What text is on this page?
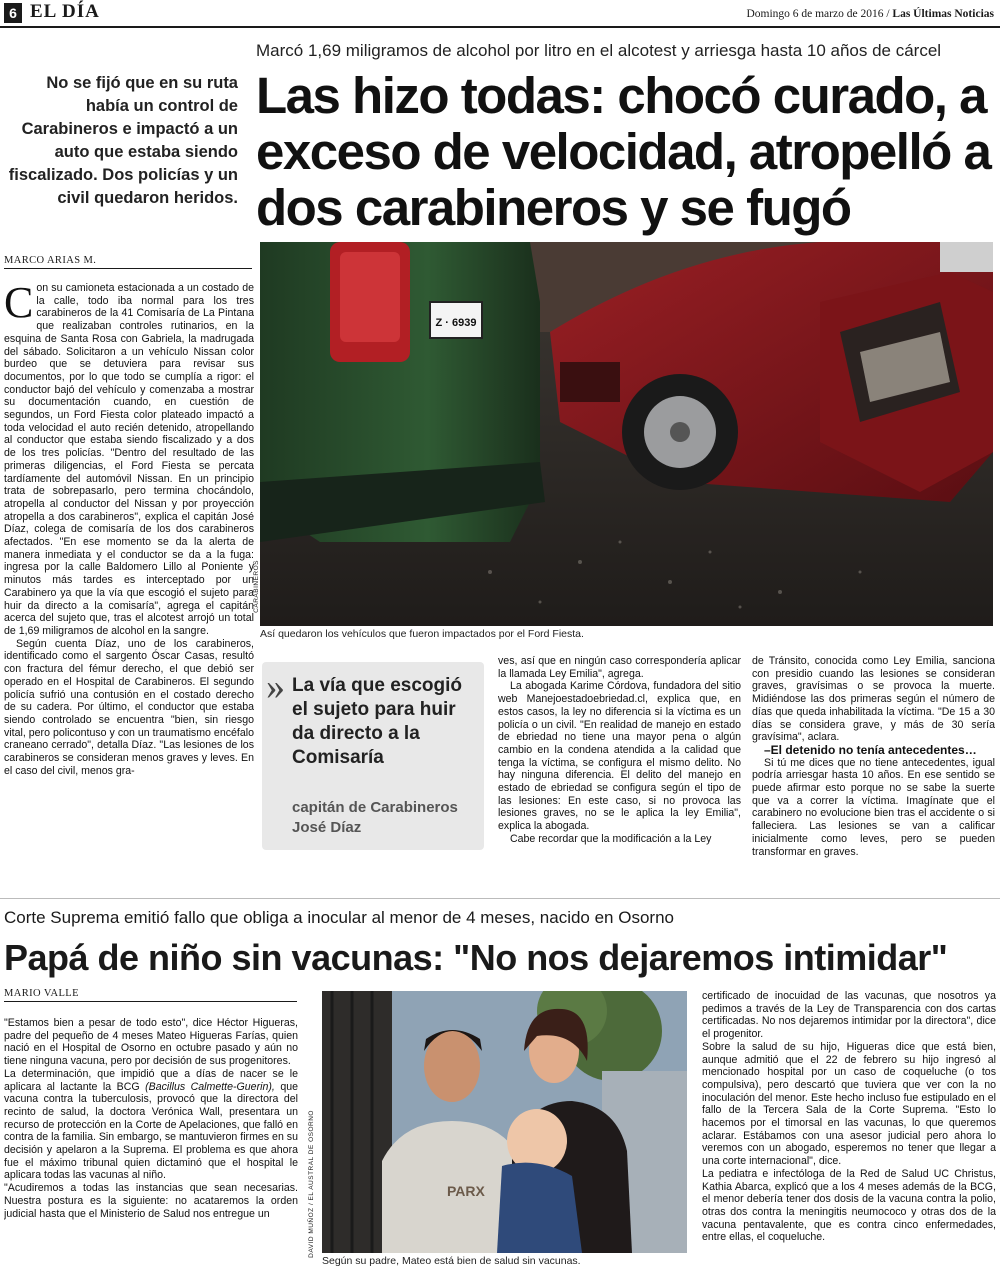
6 EL DÍA	Domingo 6 de marzo de 2016 / Las Últimas Noticias
Marcó 1,69 miligramos de alcohol por litro en el alcotest y arriesga hasta 10 años de cárcel
Las hizo todas: chocó curado, a exceso de velocidad, atropelló a dos carabineros y se fugó
No se fijó que en su ruta había un control de Carabineros e impactó a un auto que estaba siendo fiscalizado. Dos policías y un civil quedaron heridos.
MARCO ARIAS M.
C on su camioneta estacionada a un costado de la calle, todo iba normal para los tres carabineros de la 41 Comisaría de La Pintana que realizaban controles rutinarios, en la esquina de Santa Rosa con Gabriela, la madrugada del sábado. Solicitaron a un vehículo Nissan color burdeo que se detuviera para revisar sus documentos, por lo que todo se cumplía a rigor: el conductor bajó del vehículo y comenzaba a mostrar su documentación cuando, en cuestión de segundos, un Ford Fiesta color plateado impactó a toda velocidad el auto recién detenido, atropellando al conductor que estaba siendo fiscalizado y a dos de los tres policías. "Dentro del resultado de las primeras diligencias, el Ford Fiesta se percata tardíamente del automóvil Nissan. En un principio trata de sobrepasarlo, pero termina chocándolo, atropella al conductor del Nissan y por proyección atropella a dos carabineros", explica el capitán José Díaz, colega de comisaría de los dos carabineros afectados. "En ese momento se da la alerta de manera inmediata y el conductor se da a la fuga: ingresa por la calle Baldomero Lillo al Poniente y minutos más tardes es interceptado por un Carabinero ya que la vía que escogió el sujeto para huir da directo a la comisaría", agrega el capitán acerca del sujeto que, tras el alcotest arrojó un total de 1,69 miligramos de alcohol en la sangre.

Según cuenta Díaz, uno de los carabineros, identificado como el sargento Óscar Casas, resultó con fractura del fémur derecho, el que debió ser operado en el Hospital de Carabineros. El segundo policía sufrió una contusión en el costado derecho de su cadera. Por último, el conductor que estaba siendo controlado se encuentra "bien, sin riesgo vital, pero policontuso y con un traumatismo encéfalo craneano cerrado", detalla Díaz. "Las lesiones de los carabineros se consideran menos graves y leves. En el caso del civil, menos gra-

Z · 6939
CARABINEROS
Así quedaron los vehículos que fueron impactados por el Ford Fiesta.
» La vía que escogió el sujeto para huir da directo a la Comisaría
capitán de Carabineros José Díaz

ves, así que en ningún caso correspondería aplicar la llamada Ley Emilia", agrega.

La abogada Karime Córdova, fundadora del sitio web Manejoestadoebriedad.cl, explica que, en estos casos, la ley no diferencia si la víctima es un policía o un civil. "En realidad de manejo en estado de ebriedad no tiene una mayor pena o algún cambio en la condena atendida a la calidad que tenga la víctima, se configura el mismo delito. No hay ninguna diferencia. El delito del manejo en estado de ebriedad se configura según el tipo de las lesiones: En este caso, si no provoca las lesiones graves, no se le aplica la ley Emilia", explica la abogada.

Cabe recordar que la modificación a la Ley

de Tránsito, conocida como Ley Emilia, sanciona con presidio cuando las lesiones se consideran graves, gravísimas o se provoca la muerte. Midiéndose las dos primeras según el número de días que queda inhabilitada la víctima. "De 15 a 30 días se considera grave, y más de 30 sería gravísima", aclara.

–El detenido no tenía antecedentes…

Si tú me dices que no tiene antecedentes, igual podría arriesgar hasta 10 años. En ese sentido se puede afirmar esto porque no se sabe la suerte que va a correr la víctima. Imagínate que el carabinero no evolucione bien tras el accidente o si falleciera. Las lesiones se van a calificar inicialmente como leves, pero se pueden transformar en graves.

Corte Suprema emitió fallo que obliga a inocular al menor de 4 meses, nacido en Osorno
Papá de niño sin vacunas: "No nos dejaremos intimidar"
MARIO VALLE

"Estamos bien a pesar de todo esto", dice Héctor Higueras, padre del pequeño de 4 meses Mateo Higueras Farías, quien nació en el Hospital de Osorno en octubre pasado y aún no tiene ninguna vacuna, pero por decisión de sus progenitores.

La determinación, que impidió que a días de nacer se le aplicara al lactante la BCG (Bacillus Calmette-Guerin), que vacuna contra la tuberculosis, provocó que la directora del recinto de salud, la doctora Verónica Wall, presentara un recurso de protección en la Corte de Apelaciones, que falló en contra de la familia. Sin embargo, se mantuvieron firmes en su decisión y apelaron a la Suprema. El problema es que ahora fue el máximo tribunal quien dictaminó que el hospital le aplicara todas las vacunas al niño.

"Acudiremos a todas las instancias que sean necesarias. Nuestra postura es la siguiente: no acataremos la orden judicial hasta que el Ministerio de Salud nos entregue un

PARX
DAVID MUÑOZ / EL AUSTRAL DE OSORNO
Según su padre, Mateo está bien de salud sin vacunas.

certificado de inocuidad de las vacunas, que nosotros ya pedimos a través de la Ley de Transparencia con dos cartas certificadas. No nos dejaremos intimidar por la directora", dice el progenitor.

Sobre la salud de su hijo, Higueras dice que está bien, aunque admitió que el 22 de febrero su hijo ingresó al mencionado hospital por un caso de coqueluche (o tos compulsiva), pero descartó que tuviera que ver con la no inoculación del menor. Este hecho incluso fue estipulado en el fallo de la Tercera Sala de la Corte Suprema. "Esto lo hacemos por el timorsal en las vacunas, lo que queremos aclarar. Estábamos con una asesor judicial pero ahora lo veremos con un abogado, esperemos no tener que llegar a una corte internacional", dice.

La pediatra e infectóloga de la Red de Salud UC Christus, Kathia Abarca, explicó que a los 4 meses además de la BCG, el menor debería tener dos dosis de la vacuna contra la polio, otras dos contra la meningitis neumococo y otras dos de la vacuna pentavalente, que es contra cinco enfermedades, entre ellas, el coqueluche.
